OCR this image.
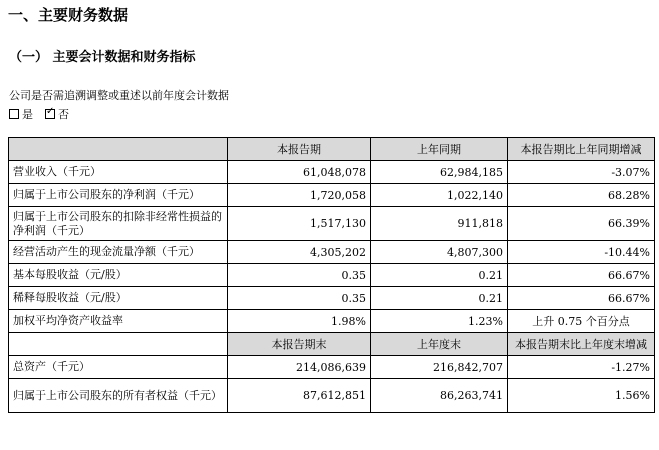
一、主要财务数据
（一） 主要会计数据和财务指标
公司是否需追溯调整或重述以前年度会计数据
是 ✓ 否
	本报告期	上年同期	本报告期比上年同期增减
营业收入（千元）	61,048,078	62,984,185	-3.07%
归属于上市公司股东的净利润（千元）	1,720,058	1,022,140	68.28%
归属于上市公司股东的扣除非经常性损益的净利润（千元）	1,517,130	911,818	66.39%
经营活动产生的现金流量净额（千元）	4,305,202	4,807,300	-10.44%
基本每股收益（元/股）	0.35	0.21	66.67%
稀释每股收益（元/股）	0.35	0.21	66.67%
加权平均净资产收益率	1.98%	1.23%	上升 0.75 个百分点
	本报告期末	上年度末	本报告期末比上年度末增减
总资产（千元）	214,086,639	216,842,707	-1.27%
归属于上市公司股东的所有者权益（千元）	87,612,851	86,263,741	1.56%
